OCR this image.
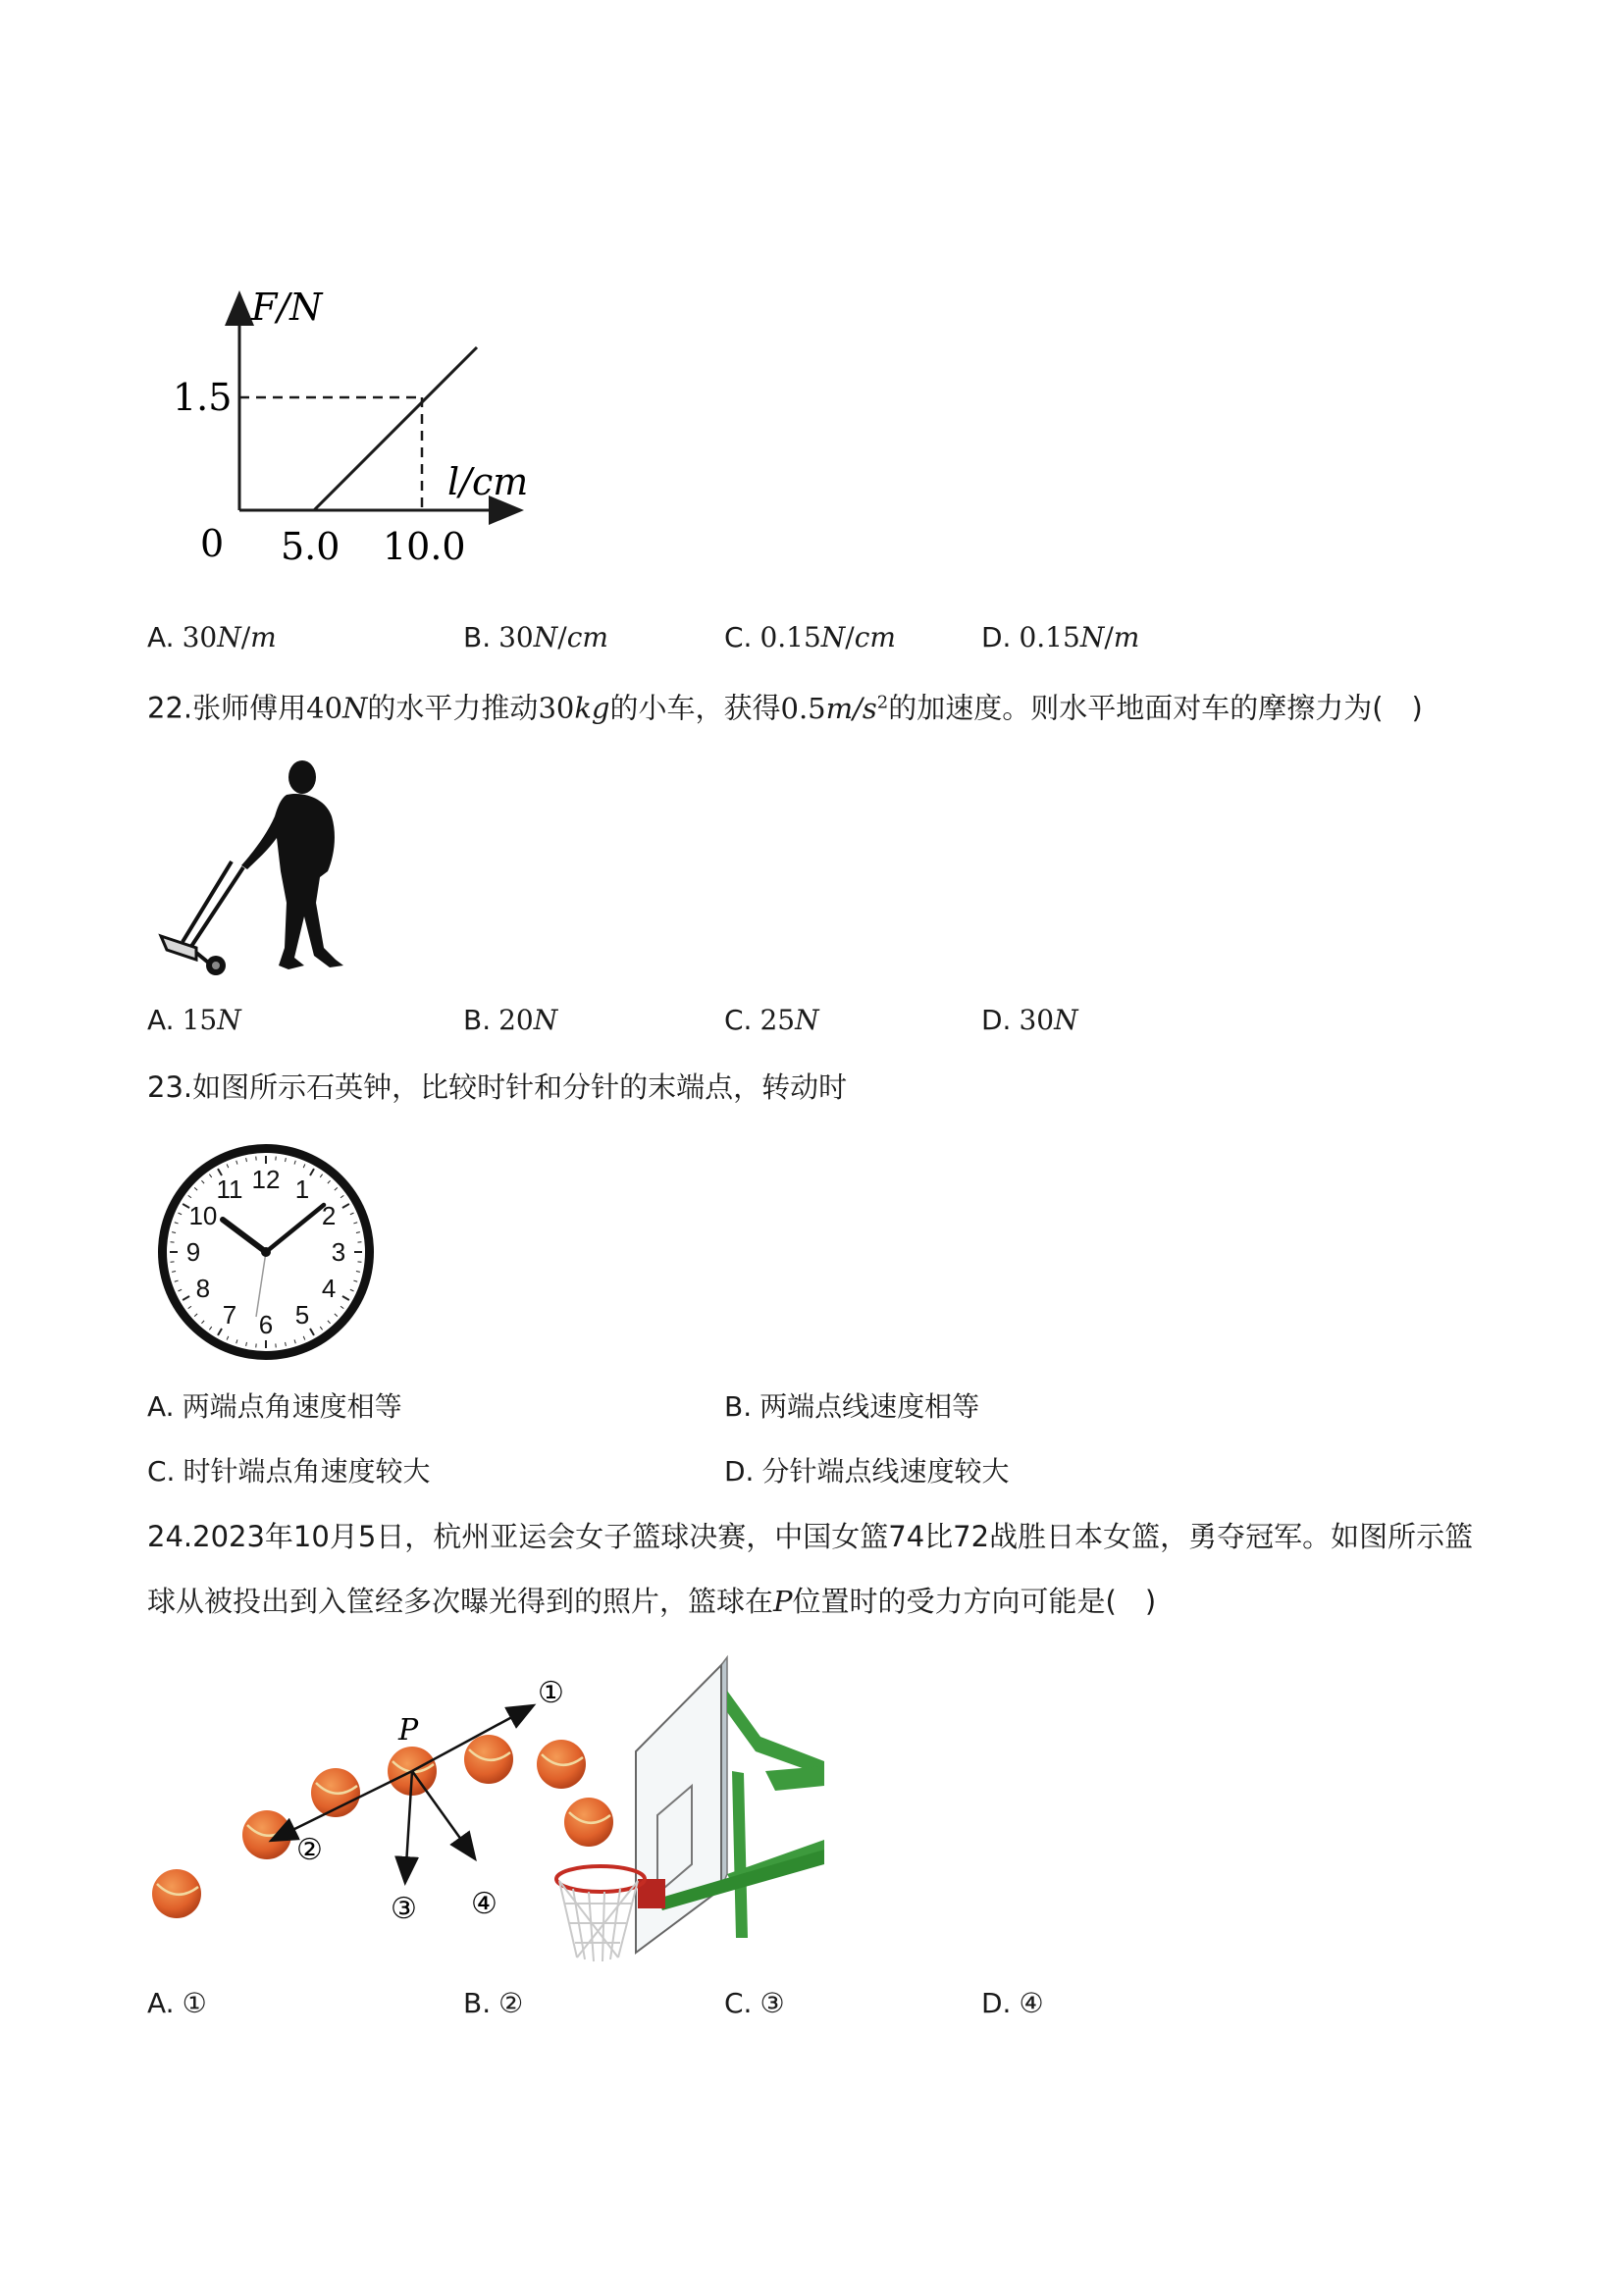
F/N
l/cm
1.5
0 5.0 10.0
A. 30N/m	B. 30N/cm	C. 0.15N/cm	D. 0.15N/m
22.张师傅用40N的水平力推动30kg的小车，获得$0.5m/s^2$的加速度。则水平地面对车的摩擦力为(　)
A. 15N	B. 20N	C. 25N	D. 30N
23.如图所示石英钟，比较时针和分针的末端点，转动时
12 1
2
3
4
5
6
7
8
9
10
11
A. 两端点角速度相等	B. 两端点线速度相等
C. 时针端点角速度较大	D. 分针端点线速度较大
24.2023年10月5日，杭州亚运会女子篮球决赛，中国女篮74比72战胜日本女篮，勇夺冠军。如图所示篮
球从被投出到入筐经多次曝光得到的照片，篮球在P位置时的受力方向可能是(　)
P
①
②
③ ④
A. ①	B. ②	C. ③	D. ④
